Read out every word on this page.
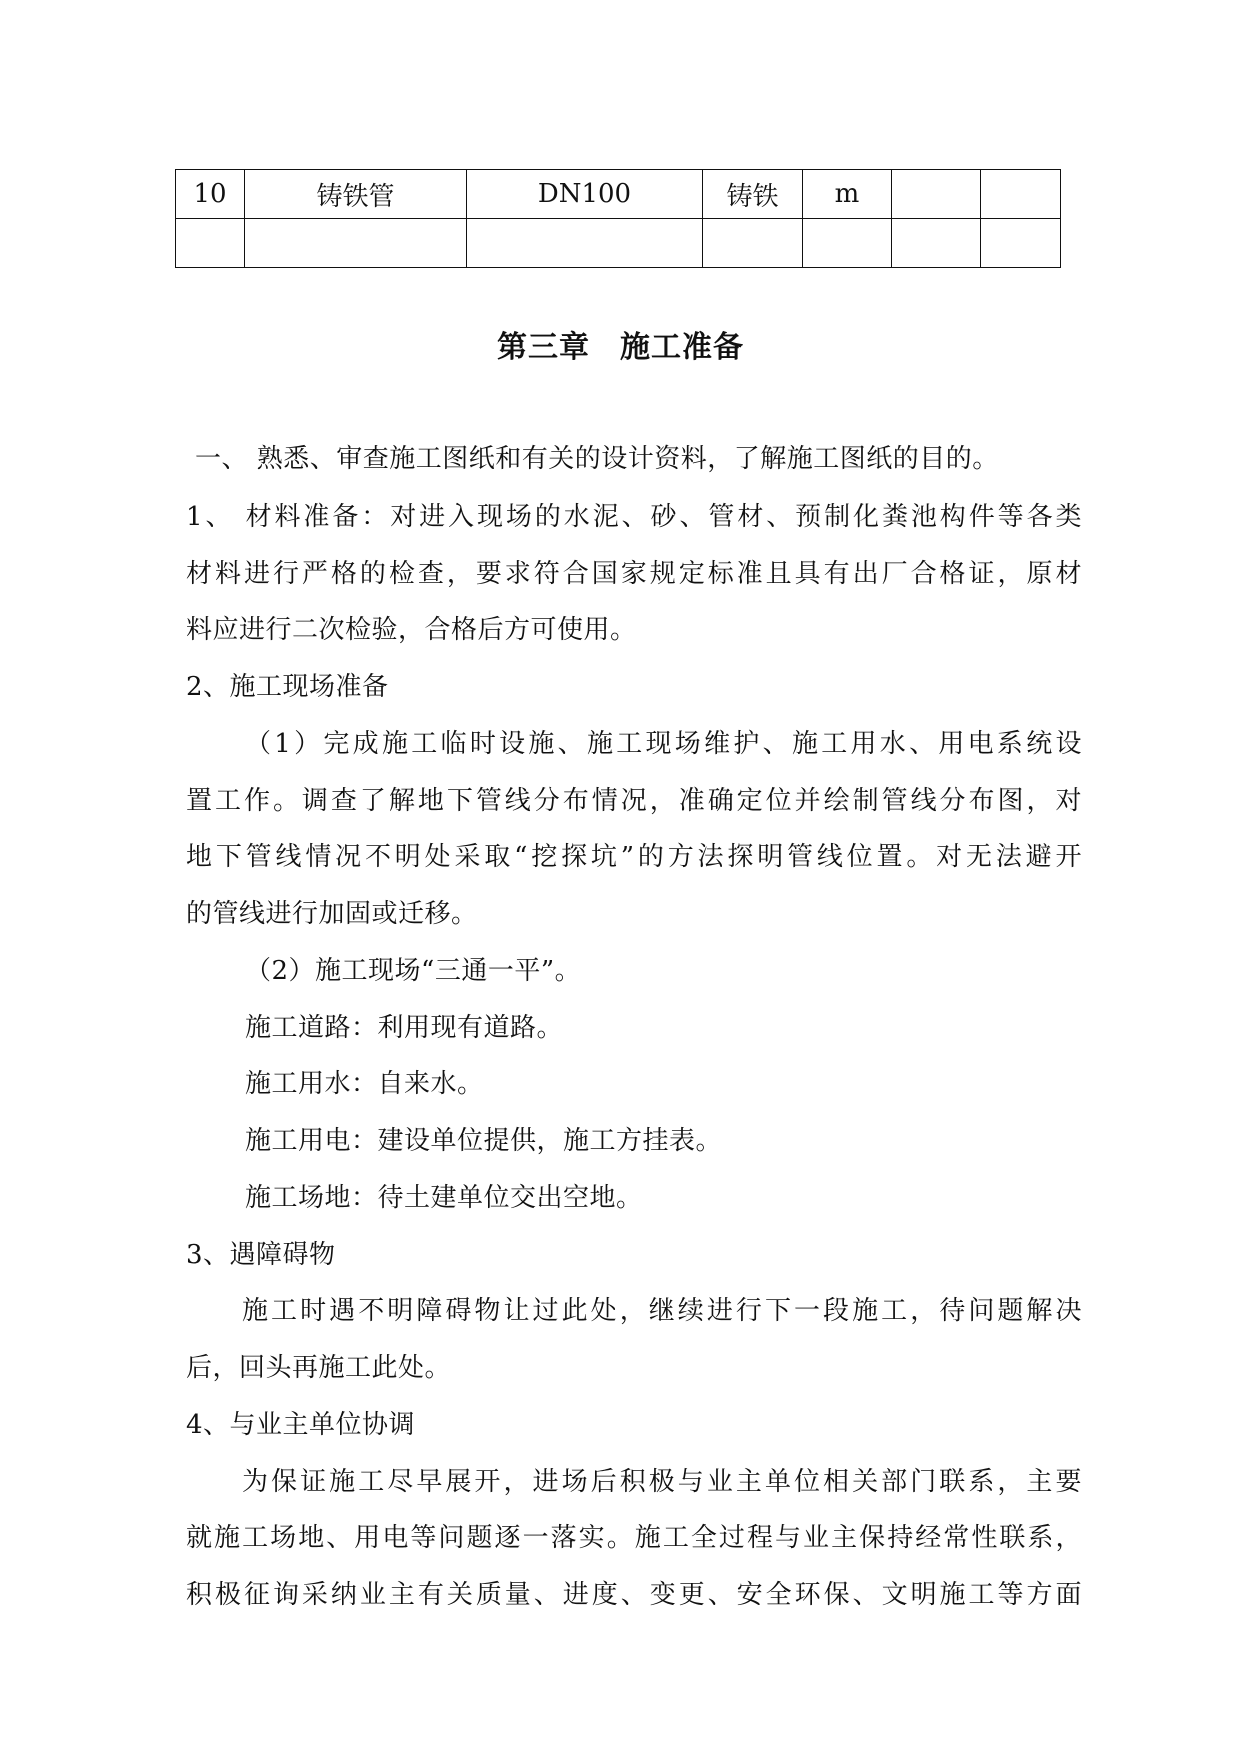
10	铸铁管	DN100	铸铁	m		

第三章 施工准备
一、 熟悉、审查施工图纸和有关的设计资料，了解施工图纸的目的。
1、 材料准备：对进入现场的水泥、砂、管材、预制化粪池构件等各类
材料进行严格的检查，要求符合国家规定标准且具有出厂合格证，原材
料应进行二次检验，合格后方可使用。
2、施工现场准备
（1）完成施工临时设施、施工现场维护、施工用水、用电系统设
置工作。调查了解地下管线分布情况，准确定位并绘制管线分布图，对
地下管线情况不明处采取“挖探坑”的方法探明管线位置。对无法避开
的管线进行加固或迁移。
（2）施工现场“三通一平”。
施工道路：利用现有道路。
施工用水：自来水。
施工用电：建设单位提供，施工方挂表。
施工场地：待土建单位交出空地。
3、遇障碍物
施工时遇不明障碍物让过此处，继续进行下一段施工，待问题解决
后，回头再施工此处。
4、与业主单位协调
为保证施工尽早展开，进场后积极与业主单位相关部门联系，主要
就施工场地、用电等问题逐一落实。施工全过程与业主保持经常性联系，
积极征询采纳业主有关质量、进度、变更、安全环保、文明施工等方面
